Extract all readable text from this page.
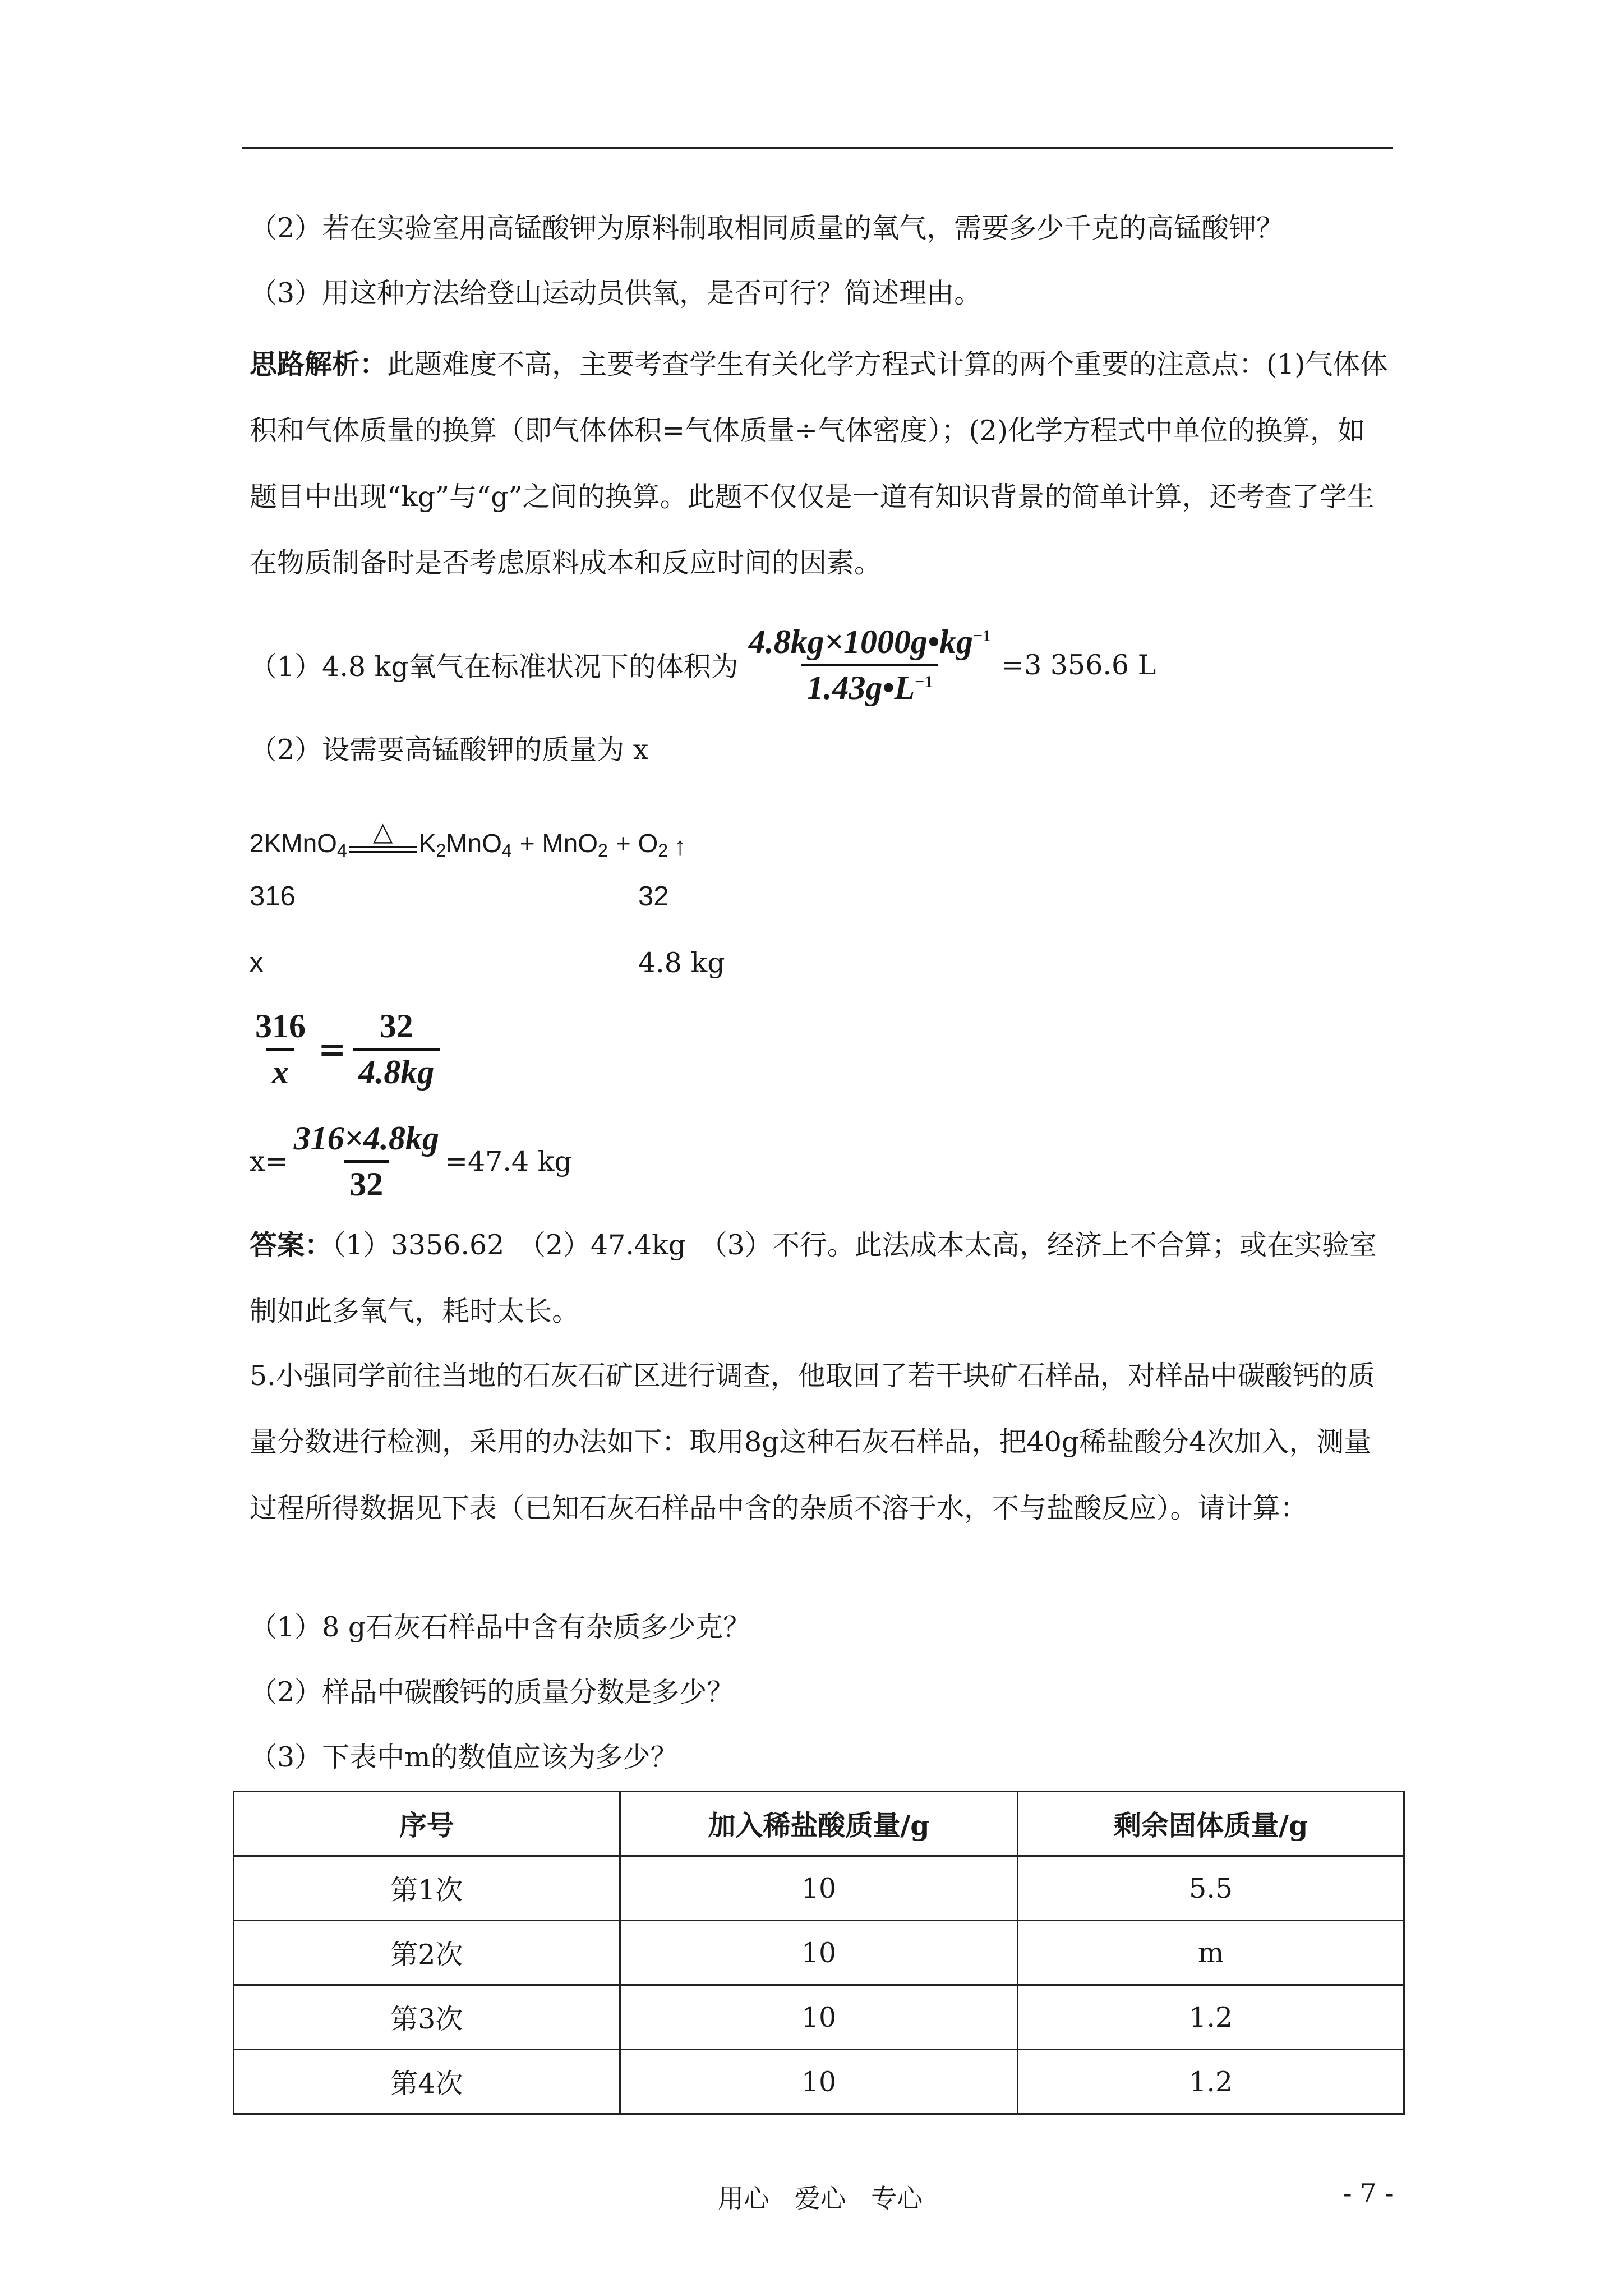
（2）若在实验室用高锰酸钾为原料制取相同质量的氧气，需要多少千克的高锰酸钾？
（3）用这种方法给登山运动员供氧，是否可行？简述理由。
思路解析：此题难度不高，主要考查学生有关化学方程式计算的两个重要的注意点：(1)气体体积和气体质量的换算（即气体体积=气体质量÷气体密度）；(2)化学方程式中单位的换算，如题目中出现“kg”与“g”之间的换算。此题不仅仅是一道有知识背景的简单计算，还考查了学生在物质制备时是否考虑原料成本和反应时间的因素。
（1）4.8 kg氧气在标准状况下的体积为 $\frac{4.8kg\times 1000g•kg^{-1}}{1.43g•L^{-1}} =3$ 356.6 L
（2）设需要高锰酸钾的质量为 x
2KMnO$_4$
△ $K_2MnO_4 + MnO_2 + O_2$ ↑
316	32
x	4.8 kg
$\frac{316}{x} = \frac{32}{4.8kg}$
$x= \frac{316\times 4.8kg}{32} =47.4$ kg
答案：（1）3356.62　（2）47.4kg　（3）不行。此法成本太高，经济上不合算；或在实验室制如此多氧气，耗时太长。
5.小强同学前往当地的石灰石矿区进行调查，他取回了若干块矿石样品，对样品中碳酸钙的质量分数进行检测，采用的办法如下：取用8g这种石灰石样品，把40g稀盐酸分4次加入，测量过程所得数据见下表（已知石灰石样品中含的杂质不溶于水，不与盐酸反应）。请计算：
（1）8 g石灰石样品中含有杂质多少克？
（2）样品中碳酸钙的质量分数是多少？
（3）下表中m的数值应该为多少？
序号	加入稀盐酸质量/g	剩余固体质量/g
第1次	10	5.5
第2次	10	m
第3次	10	1.2
第4次	10	1.2
用心 爱心 专心	- 7 -
